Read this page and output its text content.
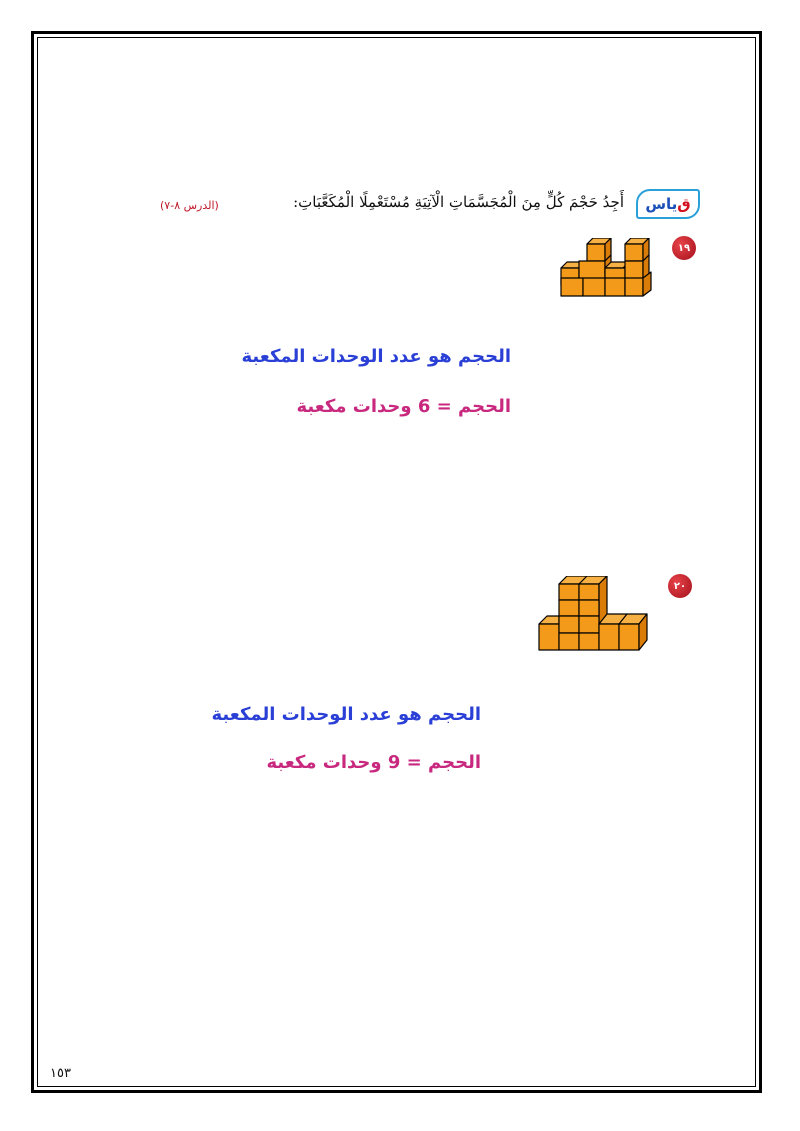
ق
ياس
أَجِدُ حَجْمَ كُلٍّ مِنَ الْمُجَسَّمَاتِ الْآتِيَةِ مُسْتَعْمِلًا الْمُكَعَّبَاتِ:
(الدرس ٨-٧)
١٩
٢٠
الحجم هو عدد الوحدات المكعبة
الحجم = 6 وحدات مكعبة
الحجم هو عدد الوحدات المكعبة
الحجم = 9 وحدات مكعبة
١٥٣
